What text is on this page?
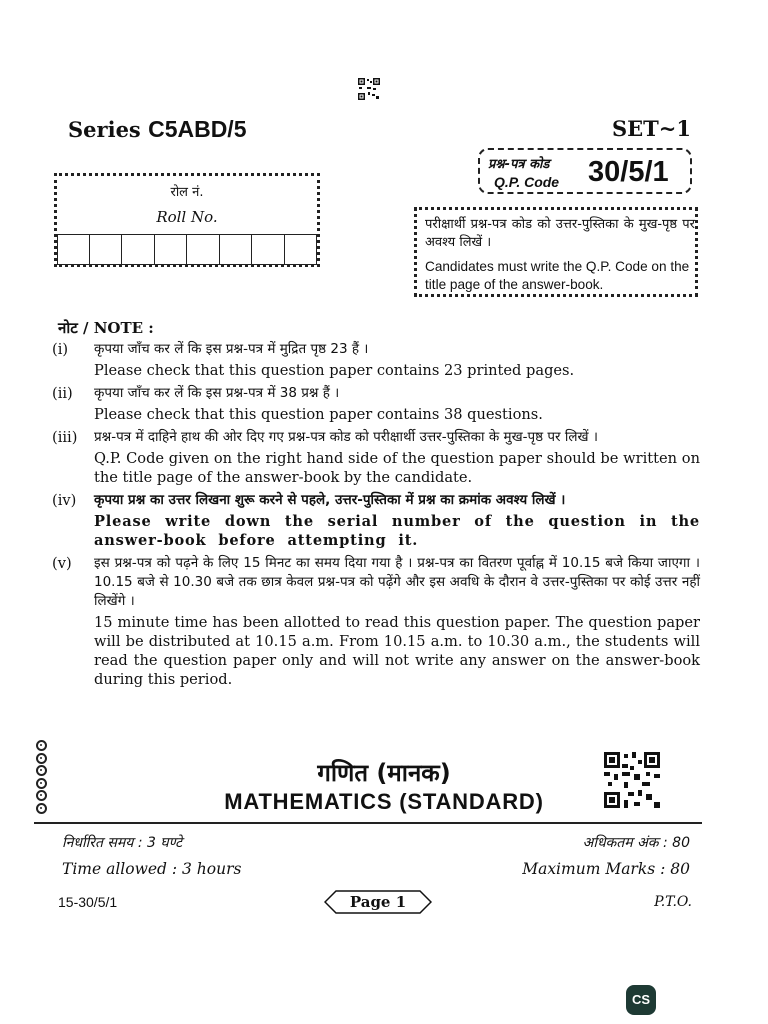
Series C5ABD/5	SET~1
प्रश्न-पत्र कोड
Q.P. Code 30/5/1
रोल नं.
Roll No.	परीक्षार्थी प्रश्न-पत्र कोड को उत्तर-पुस्तिका के मुख-पृष्ठ पर अवश्य लिखें ।
Candidates must write the Q.P. Code on the title page of the answer-book.
नोट / NOTE :
(i)	कृपया जाँच कर लें कि इस प्रश्न-पत्र में मुद्रित पृष्ठ 23 हैं ।
Please check that this question paper contains 23 printed pages.
(ii)	कृपया जाँच कर लें कि इस प्रश्न-पत्र में 38 प्रश्न हैं ।
Please check that this question paper contains 38 questions.
(iii)	प्रश्न-पत्र में दाहिने हाथ की ओर दिए गए प्रश्न-पत्र कोड को परीक्षार्थी उत्तर-पुस्तिका के मुख-पृष्ठ पर लिखें ।
Q.P. Code given on the right hand side of the question paper should be written on the title page of the answer-book by the candidate.
(iv)	कृपया प्रश्न का उत्तर लिखना शुरू करने से पहले, उत्तर-पुस्तिका में प्रश्न का क्रमांक अवश्य लिखें ।
Please write down the serial number of the question in the answer-book before attempting it.
(v)	इस प्रश्न-पत्र को पढ़ने के लिए 15 मिनट का समय दिया गया है । प्रश्न-पत्र का वितरण पूर्वाह्न में 10.15 बजे किया जाएगा । 10.15 बजे से 10.30 बजे तक छात्र केवल प्रश्न-पत्र को पढ़ेंगे और इस अवधि के दौरान वे उत्तर-पुस्तिका पर कोई उत्तर नहीं लिखेंगे ।
15 minute time has been allotted to read this question paper. The question paper will be distributed at 10.15 a.m. From 10.15 a.m. to 10.30 a.m., the students will read the question paper only and will not write any answer on the answer-book during this period.
गणित (मानक)
MATHEMATICS (STANDARD)
निर्धारित समय : 3 घण्टे	अधिकतम अंक : 80
Time allowed : 3 hours	Maximum Marks : 80
15-30/5/1	Page 1	P.T.O.
CS
